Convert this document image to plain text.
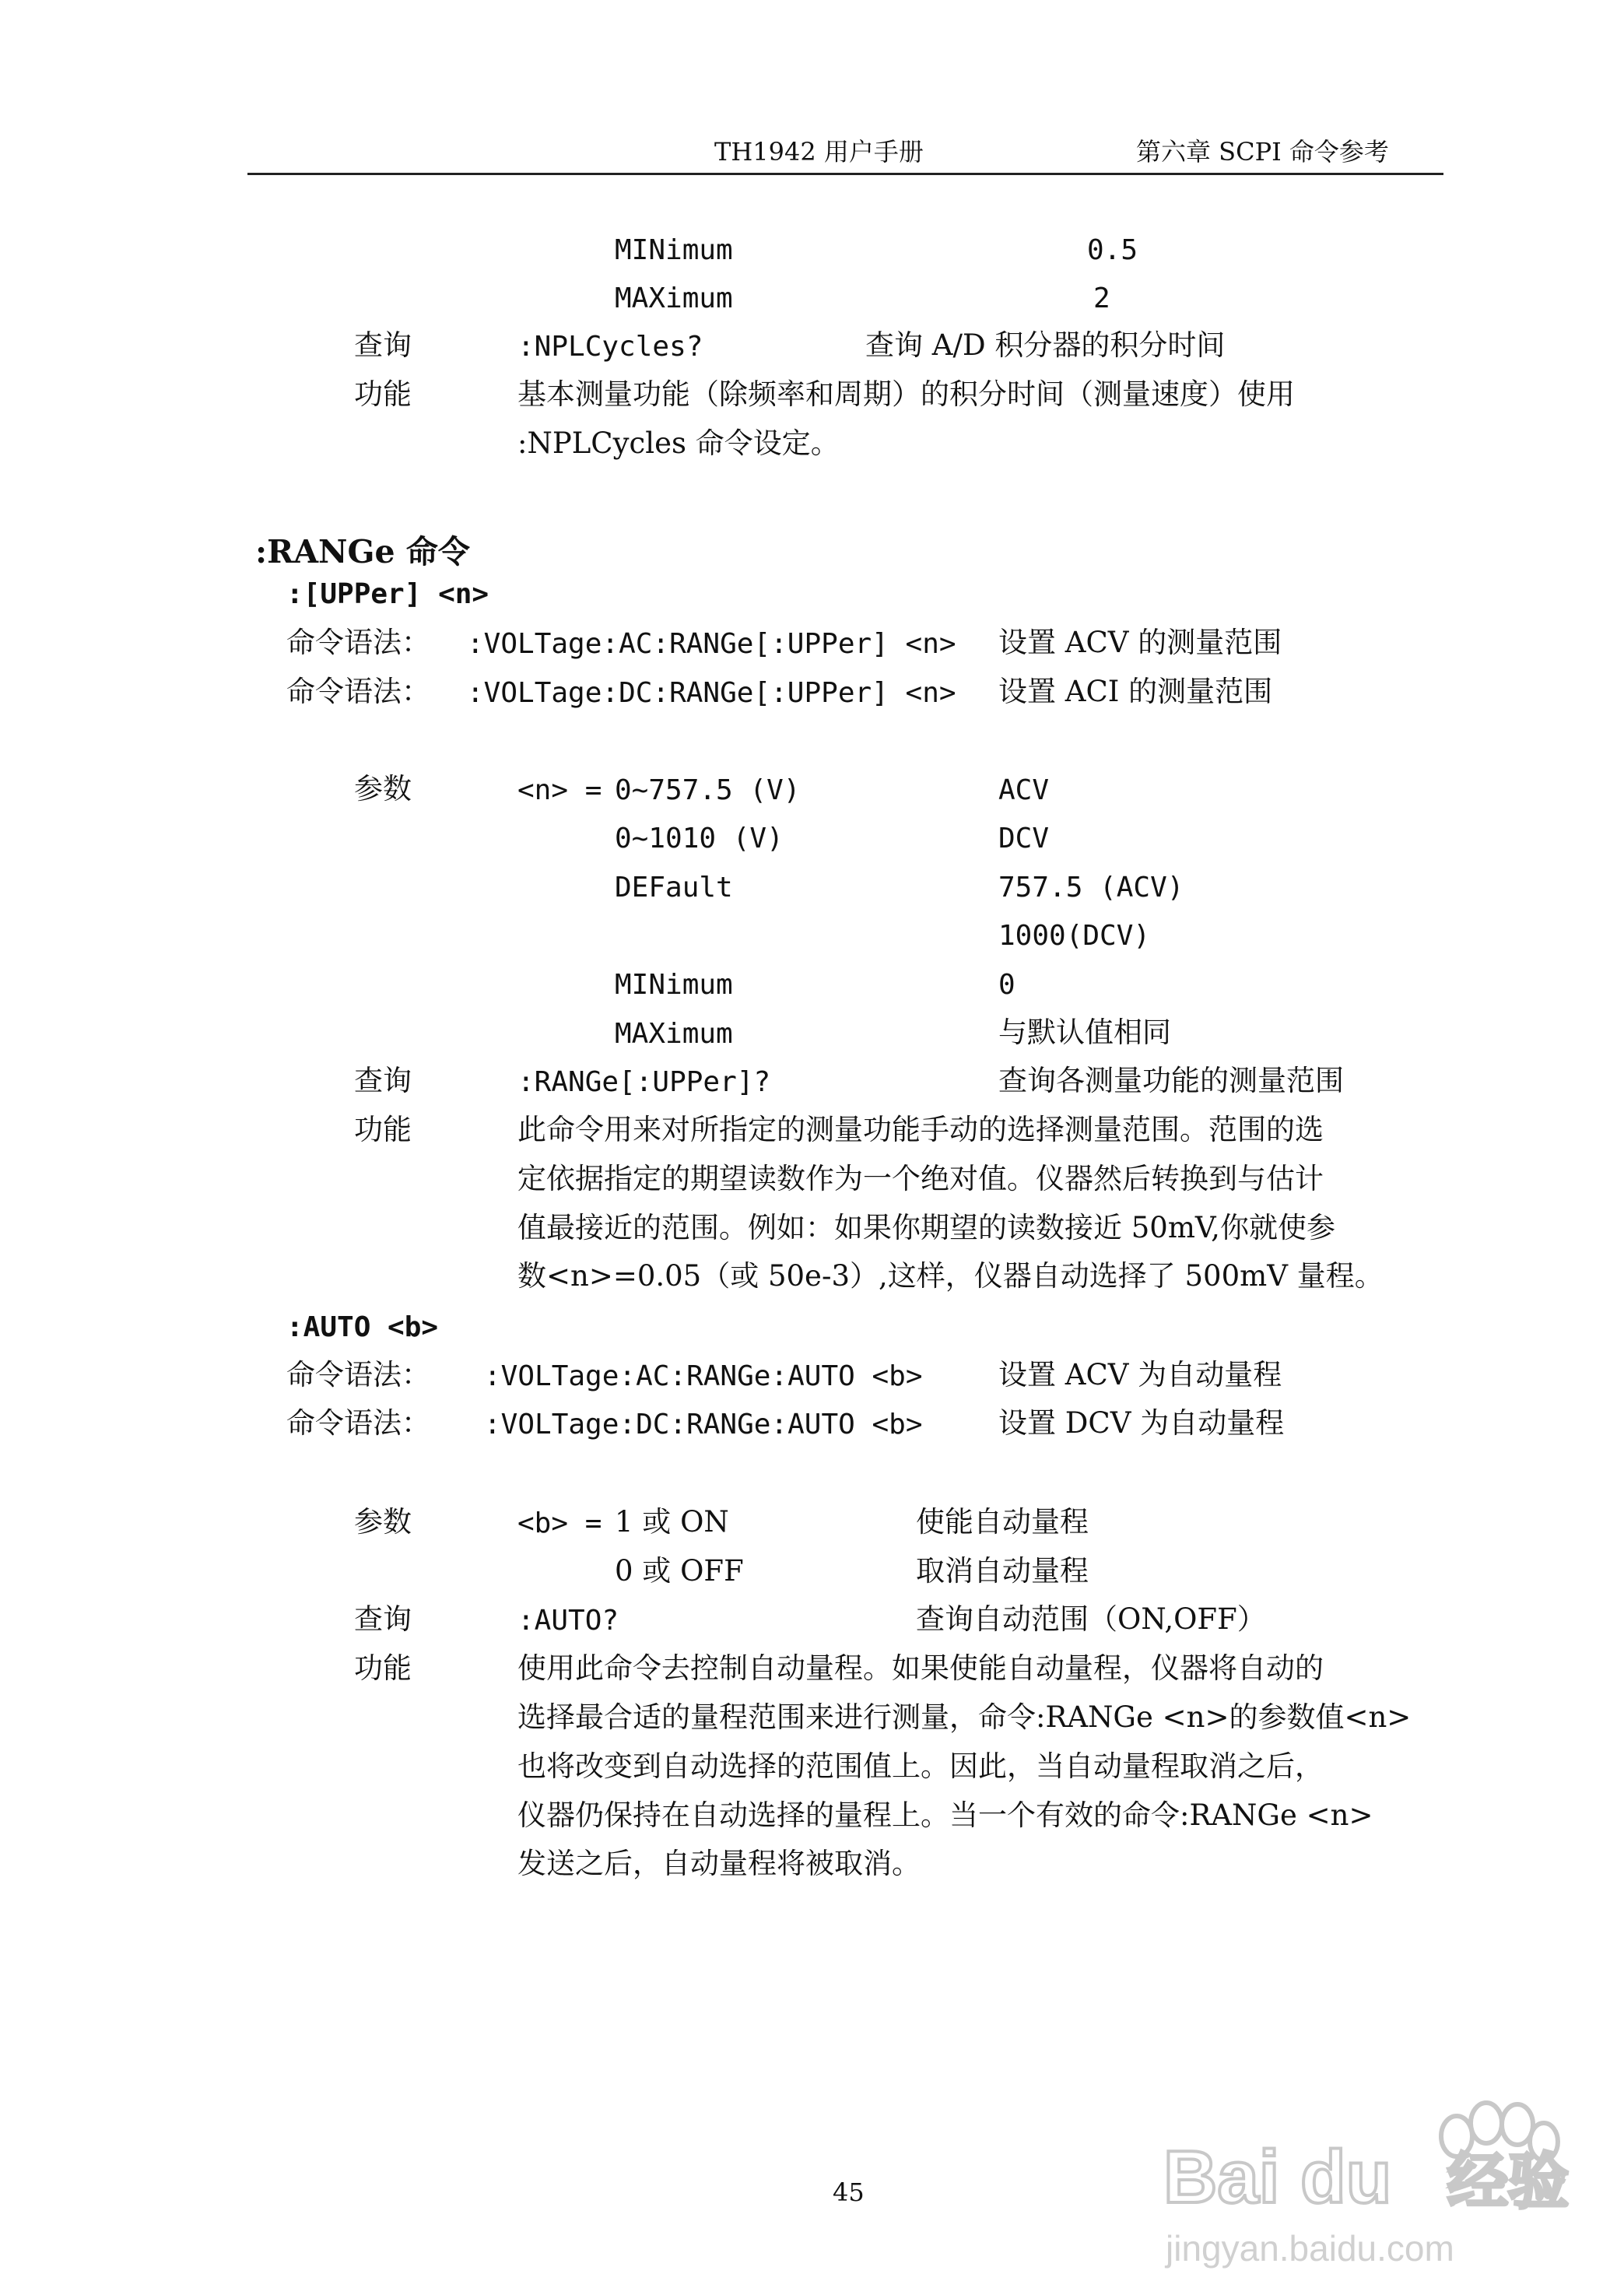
TH1942 用户手册	第六章 SCPI 命令参考
MINimum	0.5
MAXimum	2
查询	:NPLCycles?	查询 A/D 积分器的积分时间
功能	基本测量功能（除频率和周期）的积分时间（测量速度）使用
:NPLCycles 命令设定。
:RANGe 命令
:[UPPer] <n>
命令语法： :VOLTage:AC:RANGe[:UPPer] <n> 设置 ACV 的测量范围
命令语法： :VOLTage:DC:RANGe[:UPPer] <n> 设置 ACI 的测量范围
参数	<n> = 0~757.5 (V)	ACV
0~1010 (V)	DCV
DEFault	757.5 (ACV)
1000(DCV)
MINimum	0
MAXimum	与默认值相同
查询	:RANGe[:UPPer]?	查询各测量功能的测量范围
功能	此命令用来对所指定的测量功能手动的选择测量范围。范围的选
定依据指定的期望读数作为一个绝对值。仪器然后转换到与估计
值最接近的范围。例如：如果你期望的读数接近 50mV,你就使参
数<n>=0.05（或 50e-3）,这样，仪器自动选择了 500mV 量程。
:AUTO <b>
命令语法： :VOLTage:AC:RANGe:AUTO <b>	设置 ACV 为自动量程
命令语法： :VOLTage:DC:RANGe:AUTO <b>	设置 DCV 为自动量程
参数	<b> = 1 或 ON	使能自动量程
0 或 OFF	取消自动量程
查询	:AUTO?	查询自动范围（ON,OFF）
功能	使用此命令去控制自动量程。如果使能自动量程，仪器将自动的
选择最合适的量程范围来进行测量，命令:RANGe <n>的参数值<n>
也将改变到自动选择的范围值上。因此，当自动量程取消之后，
仪器仍保持在自动选择的量程上。当一个有效的命令:RANGe <n>
发送之后，自动量程将被取消。
45	Bai du 经验
jingyan.baidu.com
